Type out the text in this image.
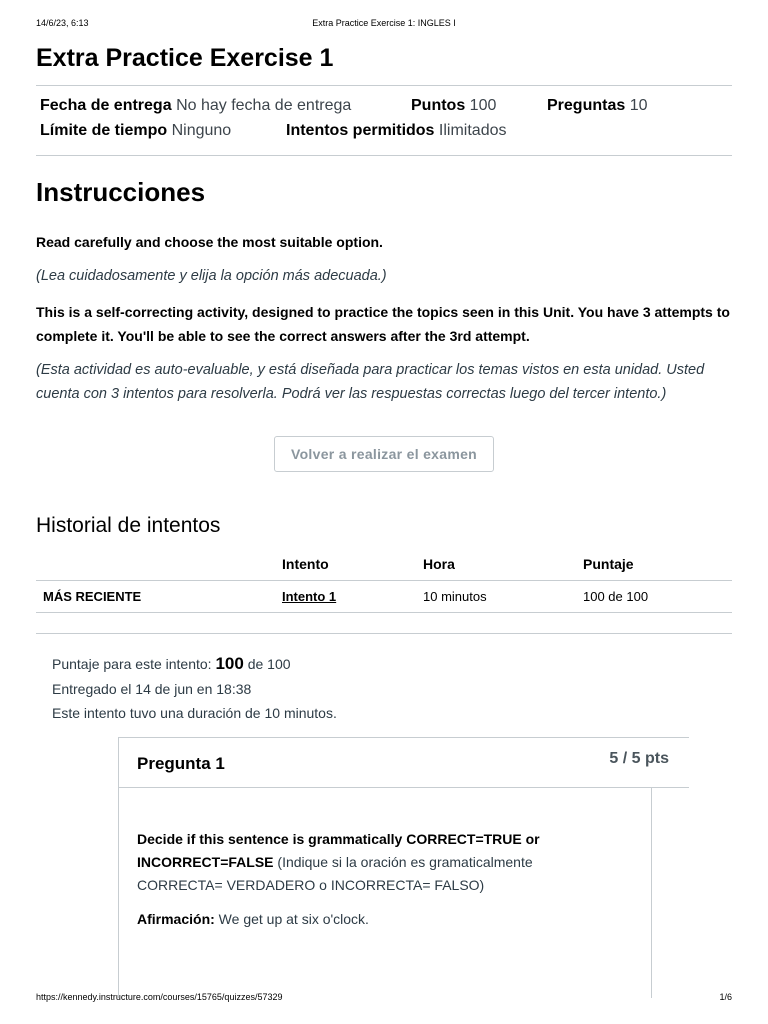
14/6/23, 6:13	Extra Practice Exercise 1: INGLES I
Extra Practice Exercise 1
Fecha de entrega No hay fecha de entrega	Puntos 100	Preguntas 10
Límite de tiempo Ninguno	Intentos permitidos Ilimitados
Instrucciones

Read carefully and choose the most suitable option.

(Lea cuidadosamente y elija la opción más adecuada.)

This is a self-correcting activity, designed to practice the topics seen in this Unit. You have 3 attempts to complete it. You'll be able to see the correct answers after the 3rd attempt.

(Esta actividad es auto-evaluable, y está diseñada para practicar los temas vistos en esta unidad. Usted cuenta con 3 intentos para resolverla. Podrá ver las respuestas correctas luego del tercer intento.)

Volver a realizar el examen
Historial de intentos
	Intento	Hora	Puntaje
MÁS RECIENTE	Intento 1	10 minutos	100 de 100
Puntaje para este intento: 100 de 100
Entregado el 14 de jun en 18:38
Este intento tuvo una duración de 10 minutos.
Pregunta 1	5 / 5 pts
Decide if this sentence is grammatically CORRECT=TRUE or INCORRECT=FALSE (Indique si la oración es gramaticalmente CORRECTA= VERDADERO o INCORRECTA= FALSO)
Afirmación: We get up at six o'clock.
https://kennedy.instructure.com/courses/15765/quizzes/57329	1/6
